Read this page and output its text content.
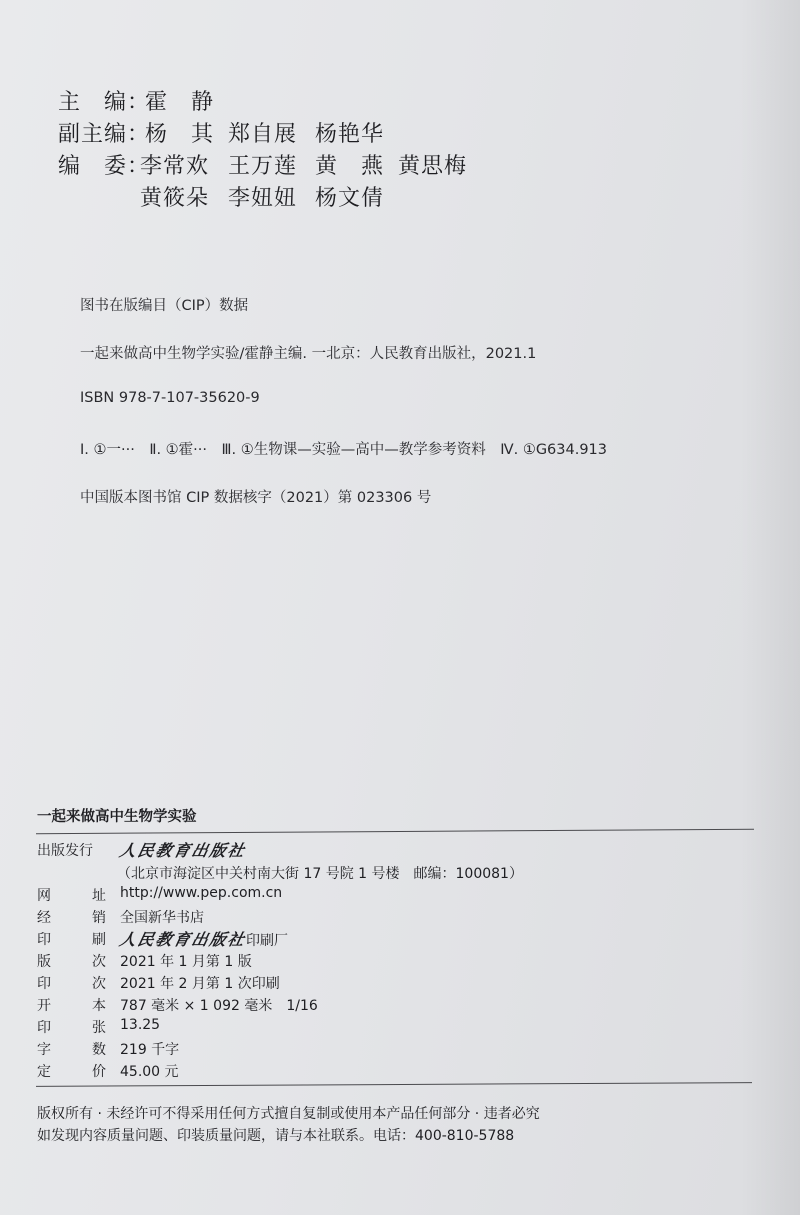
主　编：
霍　静
副主编：
杨　其 郑自展 杨艳华
编　委：
李常欢 王万莲 黄　燕 黄思梅
黄筱朵 李妞妞 杨文倩
图书在版编目（CIP）数据
一起来做高中生物学实验/霍静主编. 一北京：人民教育出版社，2021.1
ISBN 978-7-107-35620-9
Ⅰ. ①一···　Ⅱ. ①霍···　Ⅲ. ①生物课—实验—高中—教学参考资料　Ⅳ. ①G634.913
中国版本图书馆 CIP 数据核字（2021）第 023306 号
一起来做高中生物学实验
出版发行 人民教育出版社
（北京市海淀区中关村南大街 17 号院 1 号楼　邮编：100081）
网	址 http://www.pep.com.cn
经	销 全国新华书店
印	刷 人民教育出版社印刷厂
版	次 2021 年 1 月第 1 版
印	次 2021 年 2 月第 1 次印刷
开	本 787 毫米 × 1 092 毫米　1/16
印	张 13.25
字	数 219 千字
定	价 45.00 元
版权所有 · 未经许可不得采用任何方式擅自复制或使用本产品任何部分 · 违者必究
如发现内容质量问题、印装质量问题，请与本社联系。电话：400-810-5788
